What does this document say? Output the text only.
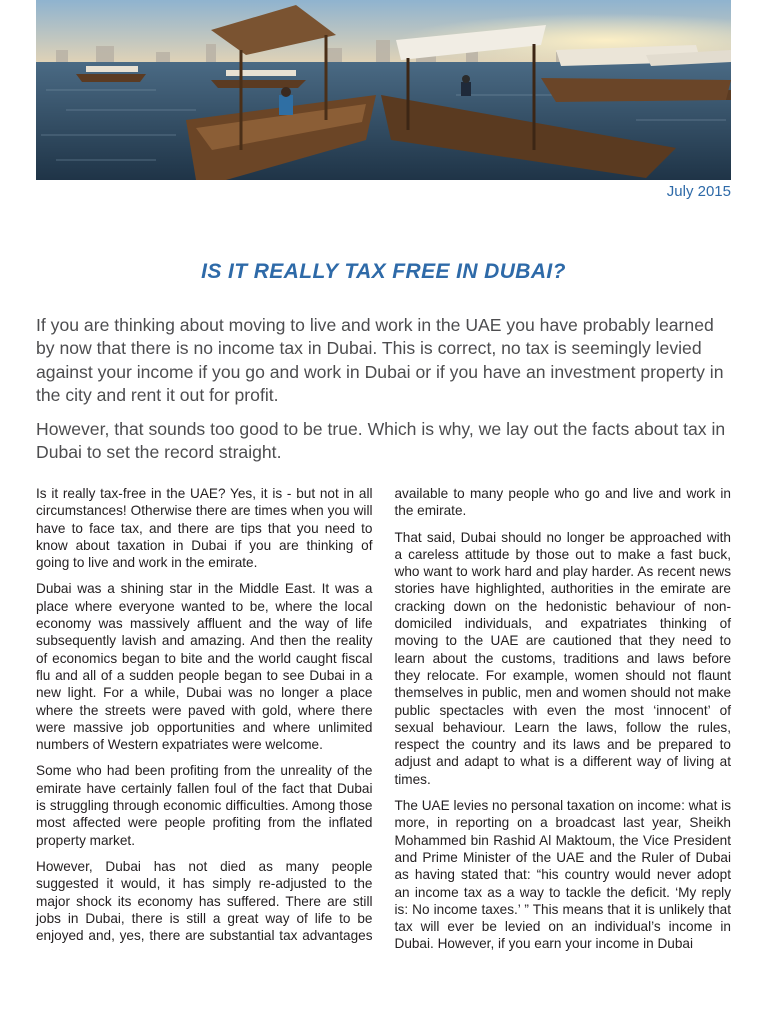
July 2015
IS IT REALLY TAX FREE IN DUBAI?

If you are thinking about moving to live and work in the UAE you have probably learned by now that there is no income tax in Dubai. This is correct, no tax is seemingly levied against your income if you go and work in Dubai or if you have an investment property in the city and rent it out for profit.

However, that sounds too good to be true. Which is why, we lay out the facts about tax in Dubai to set the record straight.

Is it really tax-free in the UAE? Yes, it is - but not in all circumstances! Otherwise there are times when you will have to face tax, and there are tips that you need to know about taxation in Dubai if you are thinking of going to live and work in the emirate.

Dubai was a shining star in the Middle East. It was a place where everyone wanted to be, where the local economy was massively affluent and the way of life subsequently lavish and amazing. And then the reality of economics began to bite and the world caught fiscal flu and all of a sudden people began to see Dubai in a new light. For a while, Dubai was no longer a place where the streets were paved with gold, where there were massive job opportunities and where unlimited numbers of Western expatriates were welcome.

Some who had been profiting from the unreality of the emirate have certainly fallen foul of the fact that Dubai is struggling through economic difficulties. Among those most affected were people profiting from the inflated property market.

However, Dubai has not died as many people suggested it would, it has simply re-adjusted to the major shock its economy has suffered. There are still jobs in Dubai, there is still a great way of life to be enjoyed and, yes, there are substantial tax advantages available to many people who go and live and work in the emirate.

That said, Dubai should no longer be approached with a careless attitude by those out to make a fast buck, who want to work hard and play harder. As recent news stories have highlighted, authorities in the emirate are cracking down on the hedonistic behaviour of non-domiciled individuals, and expatriates thinking of moving to the UAE are cautioned that they need to learn about the customs, traditions and laws before they relocate. For example, women should not flaunt themselves in public, men and women should not make public spectacles with even the most ‘innocent’ of sexual behaviour. Learn the laws, follow the rules, respect the country and its laws and be prepared to adjust and adapt to what is a different way of living at times.

The UAE levies no personal taxation on income: what is more, in reporting on a broadcast last year, Sheikh Mohammed bin Rashid Al Maktoum, the Vice President and Prime Minister of the UAE and the Ruler of Dubai as having stated that: “his country would never adopt an income tax as a way to tackle the deficit. ‘My reply is: No income taxes.’ ” This means that it is unlikely that tax will ever be levied on an individual’s income in Dubai. However, if you earn your income in Dubai
